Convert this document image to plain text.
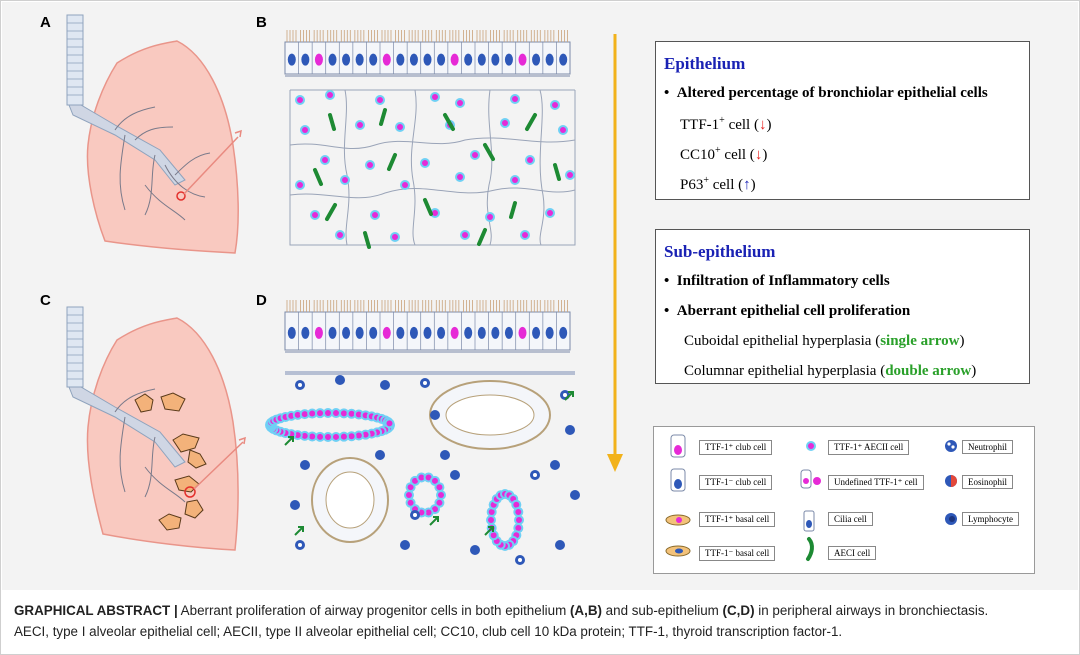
A	B
C	D
Epithelium
•  Altered percentage of bronchiolar epithelial cells
TTF-1+ cell (↓)
CC10+ cell (↓)
P63+ cell (↑)
Sub-epithelium
•  Infiltration of Inflammatory cells
•  Aberrant epithelial cell proliferation
Cuboidal epithelial hyperplasia (single arrow)
Columnar epithelial hyperplasia (double arrow)
TTF-1⁺ club cell
TTF-1⁻ club cell
TTF-1⁺ basal cell
TTF-1⁻ basal cell
TTF-1⁺ AECII cell
Undefined TTF-1⁺ cell
Cilia cell
AECI cell
Neutrophil
Eosinophil
Lymphocyte
GRAPHICAL ABSTRACT | Aberrant proliferation of airway progenitor cells in both epithelium (A,B) and sub-epithelium (C,D) in peripheral airways in bronchiectasis.
AECI, type I alveolar epithelial cell; AECII, type II alveolar epithelial cell; CC10, club cell 10 kDa protein; TTF-1, thyroid transcription factor-1.
